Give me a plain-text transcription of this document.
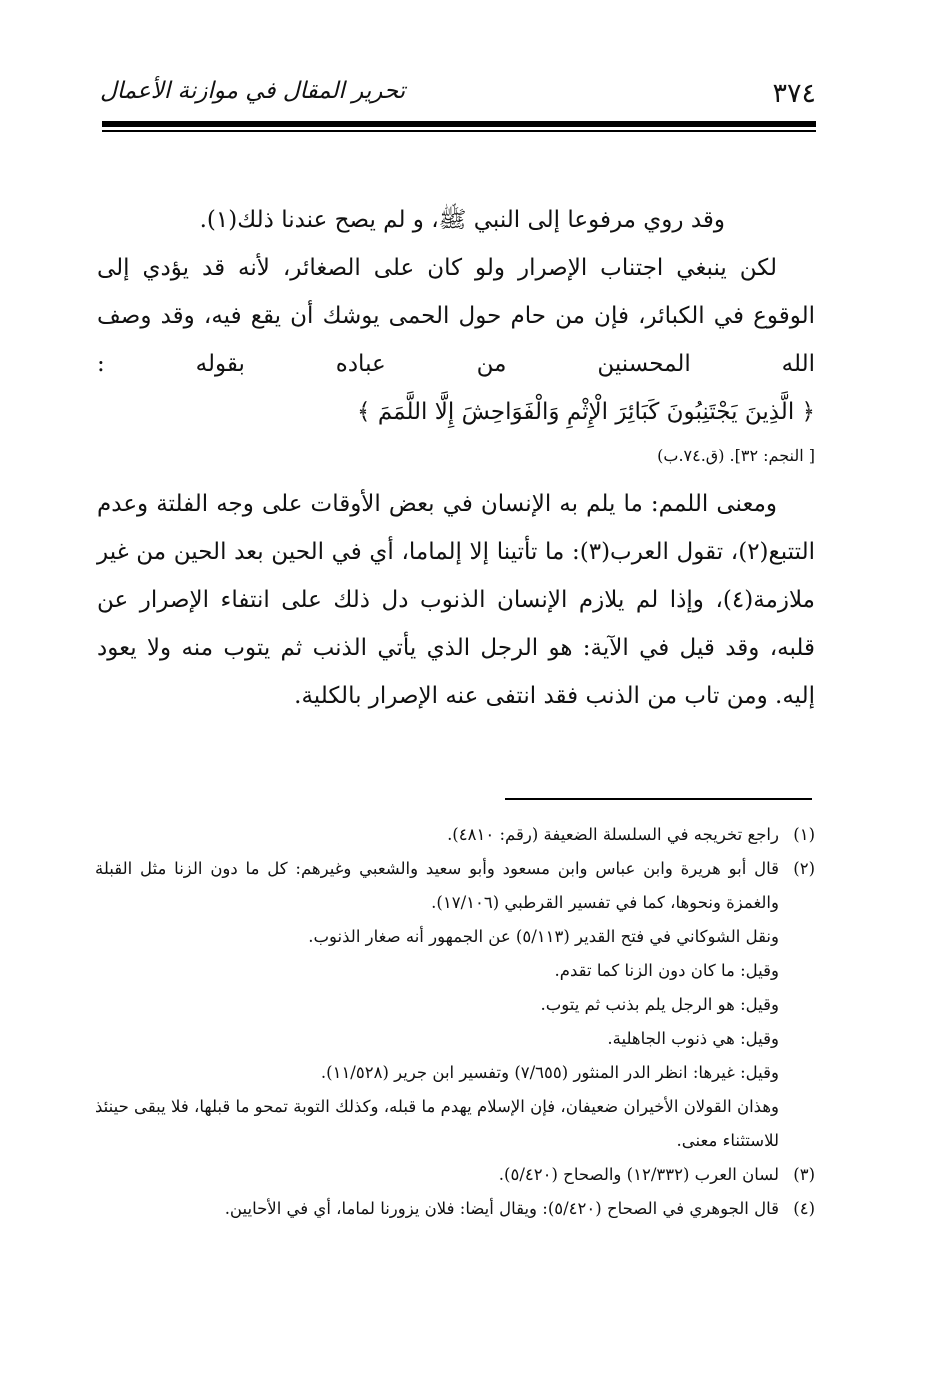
٣٧٤
تحرير المقال في موازنة الأعمال

وقد روي مرفوعا إلى النبي ﷺ، و لم يصح عندنا ذلك(١).

لكن ينبغي اجتناب الإصرار ولو كان على الصغائر، لأنه قد يؤدي إلى الوقوع في الكبائر، فإن من حام حول الحمى يوشك أن يقع فيه، وقد وصف الله المحسنين من عباده بقوله : ﴿ الَّذِينَ يَجْتَنِبُونَ كَبَائِرَ الْإِثْمِ وَالْفَوَاحِشَ إِلَّا اللَّمَمَ ﴾

[ النجم: ٣٢]. (ق.٧٤.ب)

ومعنى اللمم: ما يلم به الإنسان في بعض الأوقات على وجه الفلتة وعدم التتبع(٢)، تقول العرب(٣): ما تأتينا إلا إلماما، أي في الحين بعد الحين من غير ملازمة(٤)، وإذا لم يلازم الإنسان الذنوب دل ذلك على انتفاء الإصرار عن قلبه، وقد قيل في الآية: هو الرجل الذي يأتي الذنب ثم يتوب منه ولا يعود إليه. ومن تاب من الذنب فقد انتفى عنه الإصرار بالكلية.

(١)
راجع تخريجه في السلسلة الضعيفة (رقم: ٤٨١٠).

(٢)
قال أبو هريرة وابن عباس وابن مسعود وأبو سعيد والشعبي وغيرهم: كل ما دون الزنا مثل القبلة والغمزة ونحوها، كما في تفسير القرطبي (١٧/١٠٦).

ونقل الشوكاني في فتح القدير (٥/١١٣) عن الجمهور أنه صغار الذنوب.

وقيل: ما كان دون الزنا كما تقدم.

وقيل: هو الرجل يلم بذنب ثم يتوب.

وقيل: هي ذنوب الجاهلية.

وقيل: غيرها: انظر الدر المنثور (٧/٦٥٥) وتفسير ابن جرير (١١/٥٢٨).

وهذان القولان الأخيران ضعيفان، فإن الإسلام يهدم ما قبله، وكذلك التوبة تمحو ما قبلها، فلا يبقى حينئذ للاستثناء معنى.

(٣)
لسان العرب (١٢/٣٣٢) والصحاح (٥/٤٢٠).

(٤)
قال الجوهري في الصحاح (٥/٤٢٠): ويقال أيضا: فلان يزورنا لماما، أي في الأحايين.
